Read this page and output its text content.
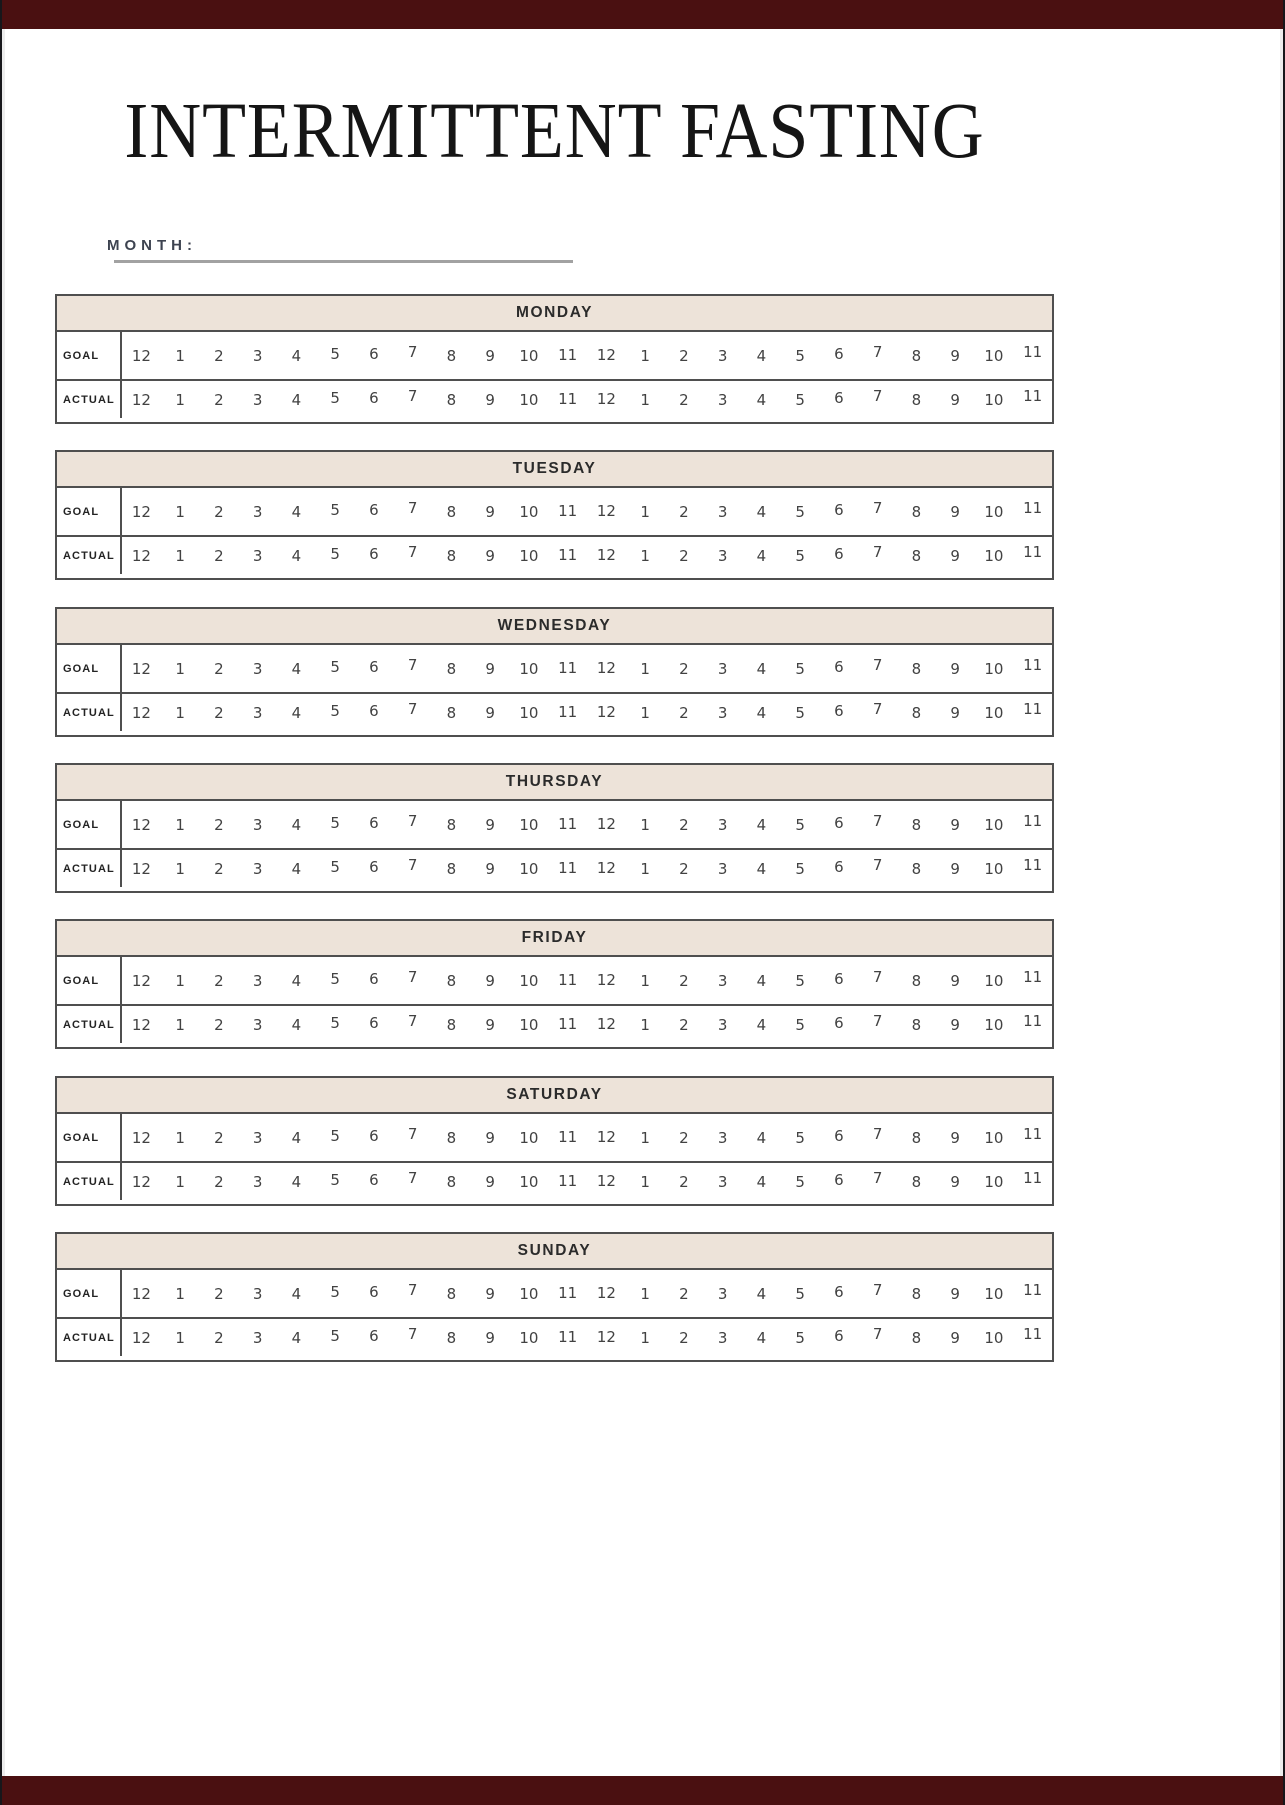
INTERMITTENT FASTING
MONTH:
MONDAY
GOAL	12	1	2	3	4	5	6	7	8	9	10	11	12	1	2	3	4	5	6	7	8	9	10	11
ACTUAL	12	1	2	3	4	5	6	7	8	9	10	11	12	1	2	3	4	5	6	7	8	9	10	11
TUESDAY
GOAL	12	1	2	3	4	5	6	7	8	9	10	11	12	1	2	3	4	5	6	7	8	9	10	11
ACTUAL	12	1	2	3	4	5	6	7	8	9	10	11	12	1	2	3	4	5	6	7	8	9	10	11
WEDNESDAY
GOAL	12	1	2	3	4	5	6	7	8	9	10	11	12	1	2	3	4	5	6	7	8	9	10	11
ACTUAL	12	1	2	3	4	5	6	7	8	9	10	11	12	1	2	3	4	5	6	7	8	9	10	11
THURSDAY
GOAL	12	1	2	3	4	5	6	7	8	9	10	11	12	1	2	3	4	5	6	7	8	9	10	11
ACTUAL	12	1	2	3	4	5	6	7	8	9	10	11	12	1	2	3	4	5	6	7	8	9	10	11
FRIDAY
GOAL	12	1	2	3	4	5	6	7	8	9	10	11	12	1	2	3	4	5	6	7	8	9	10	11
ACTUAL	12	1	2	3	4	5	6	7	8	9	10	11	12	1	2	3	4	5	6	7	8	9	10	11
SATURDAY
GOAL	12	1	2	3	4	5	6	7	8	9	10	11	12	1	2	3	4	5	6	7	8	9	10	11
ACTUAL	12	1	2	3	4	5	6	7	8	9	10	11	12	1	2	3	4	5	6	7	8	9	10	11
SUNDAY
GOAL	12	1	2	3	4	5	6	7	8	9	10	11	12	1	2	3	4	5	6	7	8	9	10	11
ACTUAL	12	1	2	3	4	5	6	7	8	9	10	11	12	1	2	3	4	5	6	7	8	9	10	11
